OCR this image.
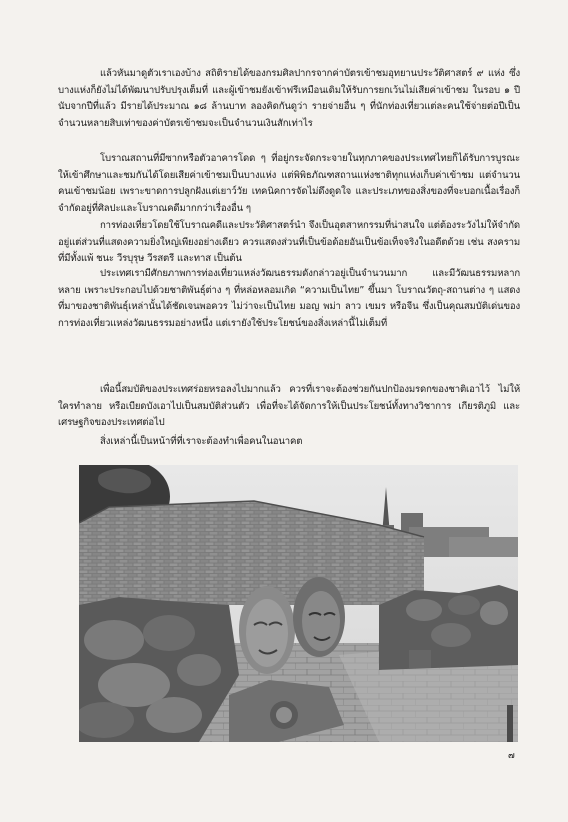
แล้วหันมาดูตัวเราเองบ้าง สถิติรายได้ของกรมศิลปากรจากค่าบัตรเข้าชมอุทยานประวัติศาสตร์ ๙ แห่ง ซึ่งบางแห่งก็ยังไม่ได้พัฒนาปรับปรุงเต็มที่ และผู้เข้าชมยังเข้าฟรีเหมือนเดิมให้รับการยกเว้นไม่เสียค่าเข้าชม ในรอบ ๑ ปีนับจากปีที่แล้ว มีรายได้ประมาณ ๑๘ ล้านบาท ลองคิดกันดูว่า รายจ่ายอื่น ๆ ที่นักท่องเที่ยวแต่ละคนใช้จ่ายต่อปีเป็นจำนวนหลายสิบเท่าของค่าบัตรเข้าชมจะเป็นจำนวนเงินสักเท่าไร

โบราณสถานที่มีซากหรือตัวอาคารโดด ๆ ที่อยู่กระจัดกระจายในทุกภาคของประเทศไทยก็ได้รับการบูรณะให้เข้าศึกษาและชมกันได้โดยเสียค่าเข้าชมเป็นบางแห่ง แต่พิพิธภัณฑสถานแห่งชาติทุกแห่งเก็บค่าเข้าชม แต่จำนวนคนเข้าชมน้อย เพราะขาดการปลูกฝังแต่เยาว์วัย เทคนิคการจัดไม่ดึงดูดใจ และประเภทของสิ่งของที่จะบอกเนื้อเรื่องก็จำกัดอยู่ที่ศิลปะและโบราณคดีมากกว่าเรื่องอื่น ๆ

การท่องเที่ยวโดยใช้โบราณคดีและประวัติศาสตร์นำ จึงเป็นอุตสาหกรรมที่น่าสนใจ แต่ต้องระวังไม่ให้จำกัดอยู่แต่ส่วนที่แสดงความยิ่งใหญ่เพียงอย่างเดียว ควรแสดงส่วนที่เป็นข้อด้อยอันเป็นข้อเท็จจริงในอดีตด้วย เช่น สงครามที่มีทั้งแพ้ ชนะ วีรบุรุษ วีรสตรี และทาส เป็นต้น

ประเทศเรามีศักยภาพการท่องเที่ยวแหล่งวัฒนธรรมดังกล่าวอยู่เป็นจำนวนมาก และมีวัฒนธรรมหลากหลาย เพราะประกอบไปด้วยชาติพันธุ์ต่าง ๆ ที่หล่อหลอมเกิด “ความเป็นไทย” ขึ้นมา โบราณวัตถุ-สถานต่าง ๆ แสดงที่มาของชาติพันธุ์เหล่านั้นได้ชัดเจนพอควร ไม่ว่าจะเป็นไทย มอญ พม่า ลาว เขมร หรือจีน ซึ่งเป็นคุณสมบัติเด่นของการท่องเที่ยวแหล่งวัฒนธรรมอย่างหนึ่ง แต่เรายังใช้ประโยชน์ของสิ่งเหล่านี้ไม่เต็มที่

เพื่อนี้สมบัติของประเทศร่อยหรอลงไปมากแล้ว ควรที่เราจะต้องช่วยกันปกป้องมรดกของชาติเอาไว้ ไม่ให้ใครทำลาย หรือเบียดบังเอาไปเป็นสมบัติส่วนตัว เพื่อที่จะได้จัดการให้เป็นประโยชน์ทั้งทางวิชาการ เกียรติภูมิ และเศรษฐกิจของประเทศต่อไป

สิ่งเหล่านี้เป็นหน้าที่ที่เราจะต้องทำเพื่อคนในอนาคต

๗
